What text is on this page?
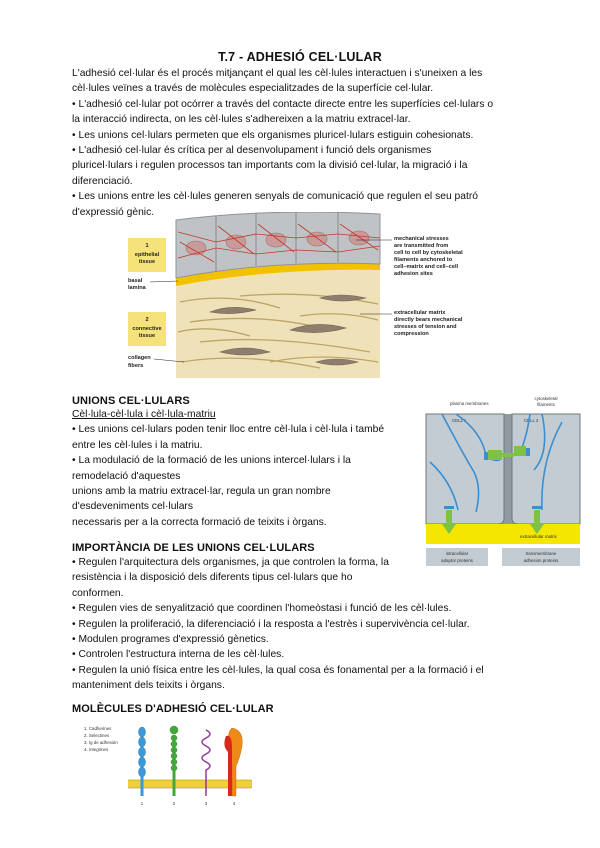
T.7 - ADHESIÓ CEL·LULAR
L'adhesió cel·lular és el procés mitjançant el qual les cèl·lules interactuen i s'uneixen a les
cèl·lules veïnes a través de molècules especialitzades de la superfície cel·lular.
• L'adhesió cel·lular pot ocórrer a través del contacte directe entre les superfícies cel·lulars o
la interacció indirecta, on les cèl·lules s'adhereixen a la matriu extracel·lar.
• Les unions cel·lulars permeten que els organismes pluricel·lulars estiguin cohesionats.
• L'adhesió cel·lular és crítica per al desenvolupament i funció dels organismes
pluricel·lulars i regulen processos tan importants com la divisió cel·lular, la migració i la
diferenciació.
• Les unions entre les cèl·lules generen senyals de comunicació que regulen el seu patró
d'expressió gènic.
1
epithelial
tissue
basal
lamina
2
connective
tissue
collagen
fibers
mechanical stresses
are transmitted from
cell to cell by cytoskeletal
filaments anchored to
cell–matrix and cell–cell
adhesion sites
extracellular matrix
directly bears mechanical
stresses of tension and
compression
UNIONS CEL·LULARS
Cèl·lula-cèl·lula i cèl·lula-matriu
• Les unions cel·lulars poden tenir lloc entre cèl·lula i cèl·lula i també
entre les cèl·lules i la matriu.
• La modulació de la formació de les unions intercel·lulars i la
remodelació d'aquestes
unions amb la matriu extracel·lar, regula un gran nombre
d'esdeveniments cel·lulars
necessaris per a la correcta formació de teixits i òrgans.
plasma membranes
cytoskeletal
filaments
CELL 1	CELL 2
extracellular matrix
intracellular
adaptor proteins
transmembrane
adhesion proteins
IMPORTÀNCIA DE LES UNIONS CEL·LULARS
• Regulen l'arquitectura dels organismes, ja que controlen la forma, la
resistència i la disposició dels diferents tipus cel·lulars que ho
conformen.
• Regulen vies de senyalització que coordinen l'homeòstasi i funció de les cèl·lules.
• Regulen la proliferació, la diferenciació i la resposta a l'estrès i supervivència cel·lular.
• Modulen programes d'expressió gènetics.
• Controlen l'estructura interna de les cèl·lules.
• Regulen la unió física entre les cèl·lules, la qual cosa és fonamental per a la formació i el
manteniment dels teixits i òrgans.
MOLÈCULES D'ADHESIÓ CEL·LULAR
1. Cadherines
2. Selectines
3. Ig de adhesión
4. Integrines
1	2	3	4
